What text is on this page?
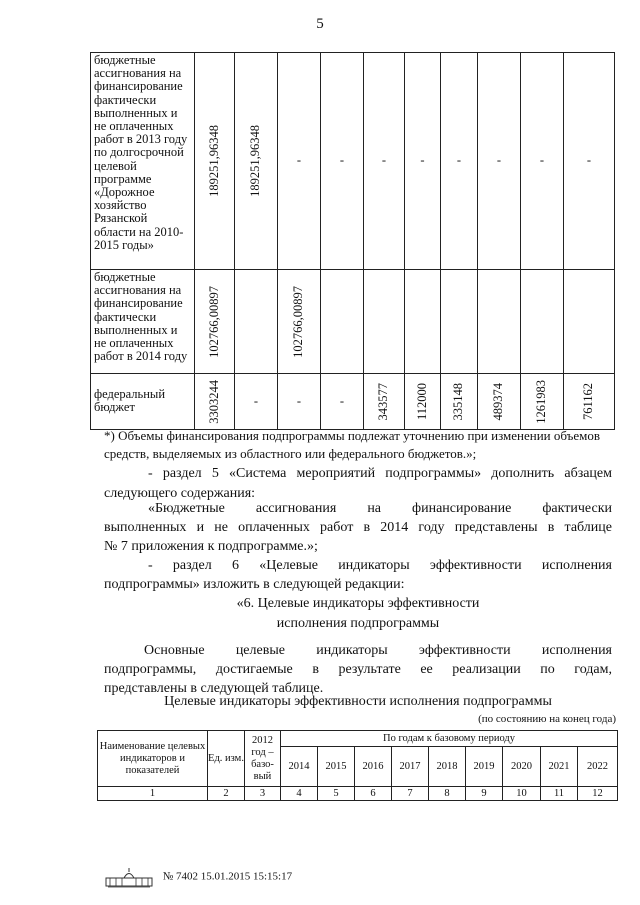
5
бюджетные ассигнования на финансирование фактически выполненных и не оплаченных работ в 2013 году по долгосрочной целевой программе «Дорожное хозяйство Рязанской области на 2010-2015 годы»	189251,96348	189251,96348	-	-	-	-	-	-	-	-
бюджетные ассигнования на финансирование фактически выполненных и не оплаченных работ в 2014 году	102766,00897		102766,00897							

федеральный бюджет	3303244	-	-	-	343577	112000	335148	489374	1261983	761162
*) Объемы финансирования подпрограммы подлежат уточнению при изменении объемов средств, выделяемых из областного или федерального бюджетов.»;
- раздел 5 «Система мероприятий подпрограммы» дополнить абзацем
следующего содержания:
«Бюджетные ассигнования на финансирование фактически
выполненных и не оплаченных работ в 2014 году представлены в таблице
№ 7 приложения к подпрограмме.»;
- раздел 6 «Целевые индикаторы эффективности исполнения
подпрограммы» изложить в следующей редакции:
«6. Целевые индикаторы эффективности
исполнения подпрограммы
Основные целевые индикаторы эффективности исполнения
подпрограммы, достигаемые в результате ее реализации по годам,
представлены в следующей таблице.
Целевые индикаторы эффективности исполнения подпрограммы
(по состоянию на конец года)
Наименование целевых индикаторов и показателей	Ед. изм.	2012 год – базо- вый	По годам к базовому периоду								
			2014	2015	2016	2017	2018	2019	2020	2021	2022
1	2	3	4	5	6	7	8	9	10	11	12
№ 7402 15.01.2015 15:15:17
